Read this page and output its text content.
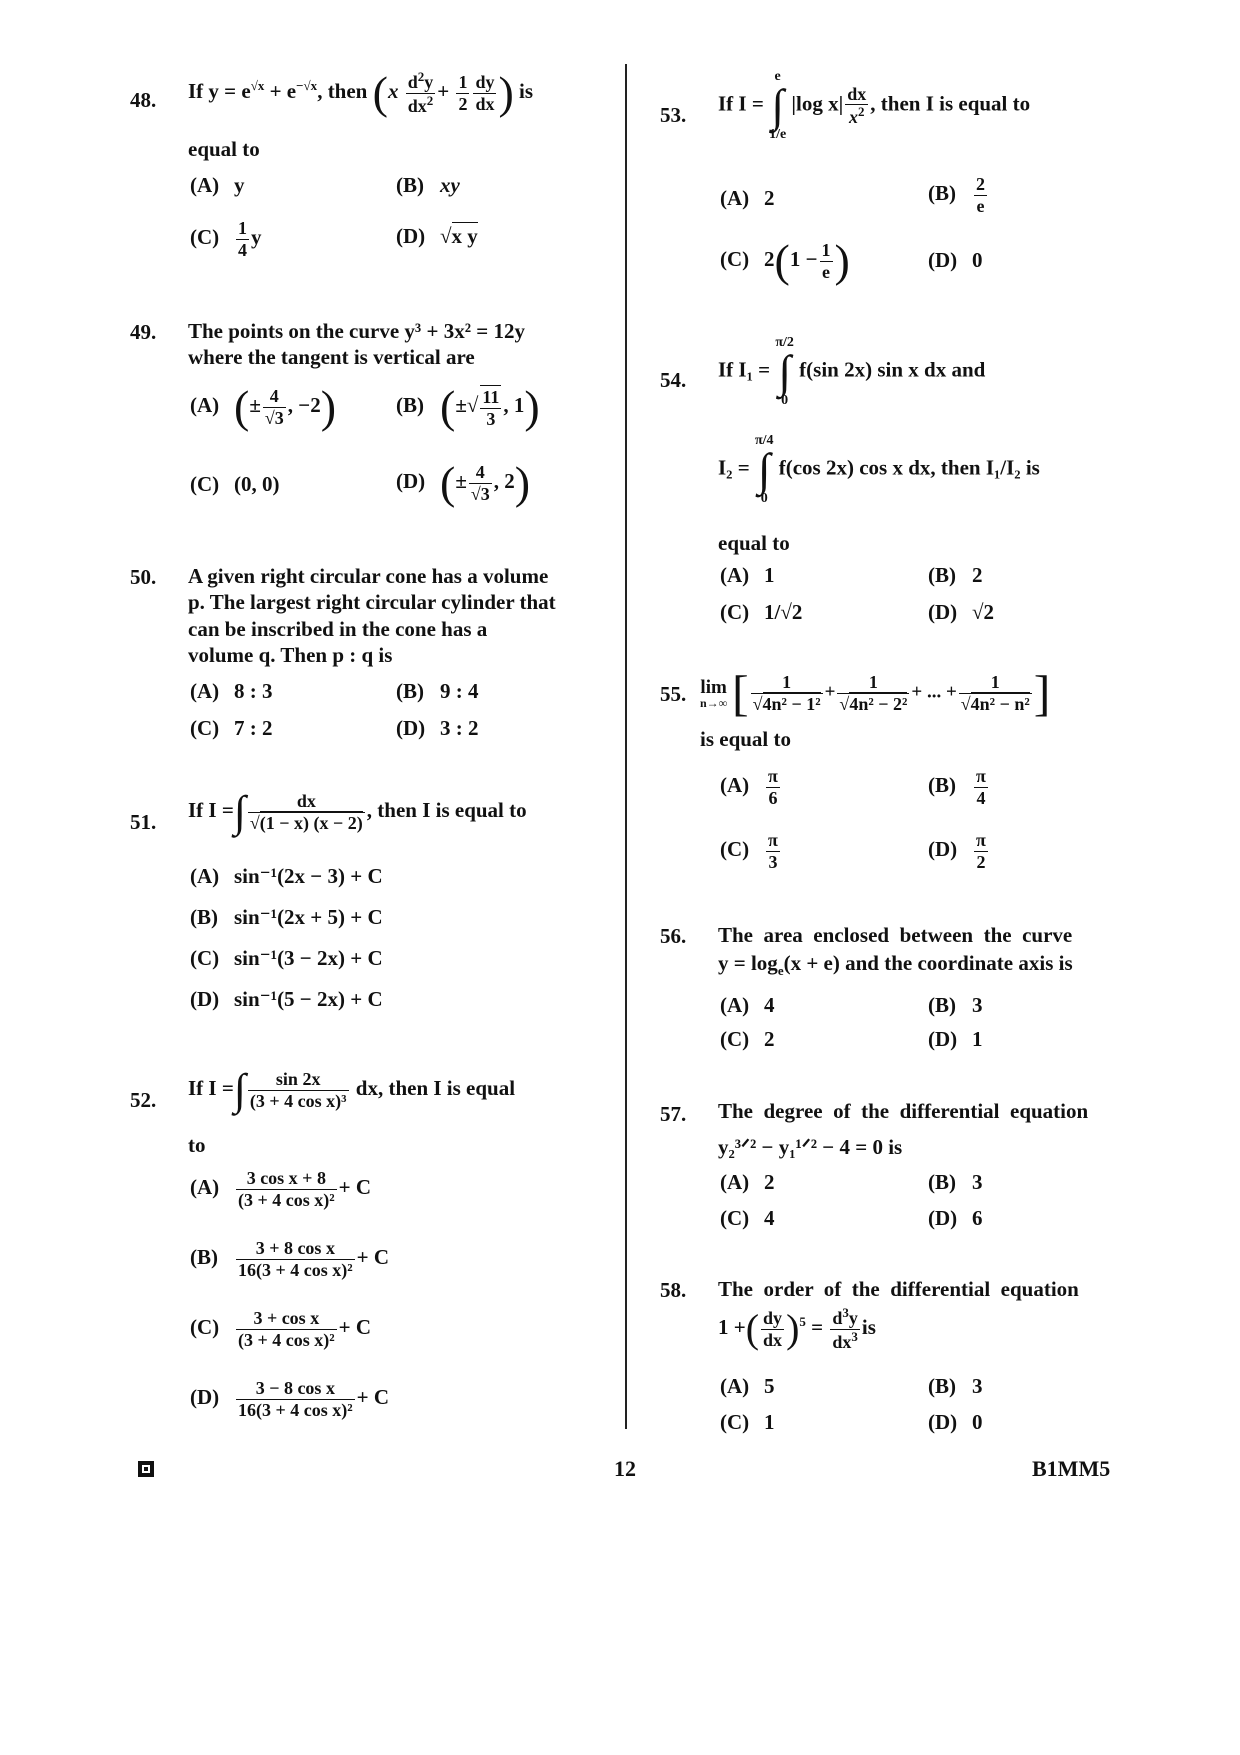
48. If $y = e^{√x} + e^{-√x}$, then ($x \frac{d^2y}{dx^2} + \frac{1}{2} \frac{dy}{dx}$ ) is
equal to
(A) y	(B) xy
$(C) \frac{1}{4}$ y	(D) √x y
49. The points on the curve y³ + 3x² = 12y
where the tangent is vertical are
(A) (± $\frac{4}{√3}$ , −2)	(B) (±√ $\frac{11}{3}$ , 1)
(C) (0, 0)	(D) (± $\frac{4}{√3}$ , 2)
50. A given right circular cone has a volume
p. The largest right circular cylinder that
can be inscribed in the cone has a
volume q. Then p : q is
(A) 8 : 3	(B) 9 : 4
(C) 7 : 2	(D) 3 : 2
51.
If I =∫ $\frac{dx}{√(1 - x) (x - 2)}$ , then I is equal to
(A) sin⁻¹(2x − 3) + C
(B) sin⁻¹(2x + 5) + C
(C) sin⁻¹(3 − 2x) + C
(D) sin⁻¹(5 − 2x) + C
52.
If I =∫ $\frac{\sin 2x}{\text{(3 + 4 cos x)³}}$ dx, then I is equal
to
$(A) \frac{\text{3 cos x + 8}}{\text{(3 + 4 cos x)²}} + C$
$(B) \frac{\text{3 + 8 cos x}}{\text{16(3 + 4 cos x)²}} + C$
$(C) \frac{\text{3 + cos x}}{\text{(3 + 4 cos x)²}} + C$
$(D) \frac{\text{3 − 8 cos x}}{\text{16(3 + 4 cos x)²}} + C$
53. If I =
e
∫
1/e
|log $x| \frac{dx}{x^2}$ , then I is equal to
(A) 2	$(B) \frac{2}{e}$
(C) $2(1 - \frac{1}{e}$ )	(D) 0
54. If I₁ =
π/2
∫
0
f(sin 2x) sin x dx and
I₂ =
π/4
∫
0
f(cos 2x) cos x dx, then I₁/I₂ is
equal to
(A) 1	(B) 2
(C) 1/√2	(D) √2
55. lim
n→∞ [ $\frac{1}{\text{√4n² − 1²}} + \frac{1}{\text{√4n² − 2²}}$ + ... + $\frac{1}{\text{√4n² − n²}}$ ]
is equal to
$(A) \frac{\pi}{6}$	$(B) \frac{\pi}{4}$
$(C) \frac{\pi}{3}$	$(D) \frac{\pi}{2}$
56. The  area  enclosed  between  the  curve
$y = \log_e(x + e)$ and the coordinate axis is
(A) 4	(B) 3
(C) 2	(D) 1
57. The  degree  of  the  differential  equation
y₂³ᐟ² − y₁¹ᐟ² − 4 = 0 is
(A) 2	(B) 3
(C) 4	(D) 6
58. The  order  of  the  differential  equation
1 +( $\frac{dy}{dx} )^5 = \frac{d^3y}{dx^3}$ is
(A) 5	(B) 3
(C) 1	(D) 0
12	B1MM5
